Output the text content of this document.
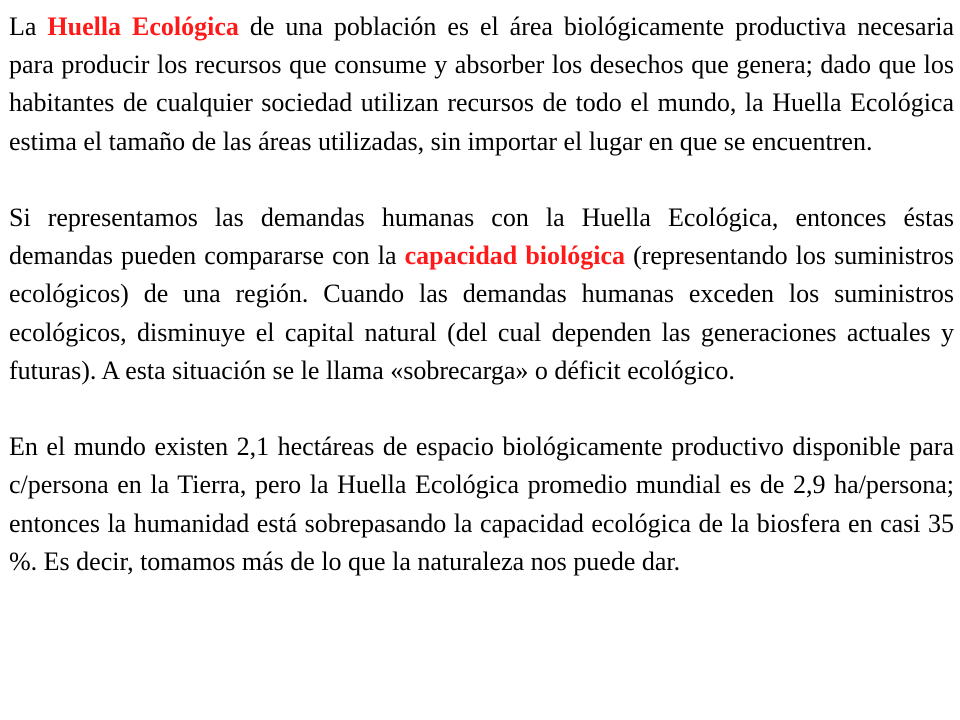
La Huella Ecológica de una población es el área biológicamente productiva necesaria para producir los recursos que consume y absorber los desechos que genera; dado que los habitantes de cualquier sociedad utilizan recursos de todo el mundo, la Huella Ecológica estima el tamaño de las áreas utilizadas, sin importar el lugar en que se encuentren.

Si representamos las demandas humanas con la Huella Ecológica, entonces éstas demandas pueden compararse con la capacidad biológica (representando los suministros ecológicos) de una región. Cuando las demandas humanas exceden los suministros ecológicos, disminuye el capital natural (del cual dependen las generaciones actuales y futuras). A esta situación se le llama «sobrecarga» o déficit ecológico.

En el mundo existen 2,1 hectáreas de espacio biológicamente productivo disponible para c/persona en la Tierra, pero la Huella Ecológica promedio mundial es de 2,9 ha/persona; entonces la humanidad está sobrepasando la capacidad ecológica de la biosfera en casi 35 %. Es decir, tomamos más de lo que la naturaleza nos puede dar.
